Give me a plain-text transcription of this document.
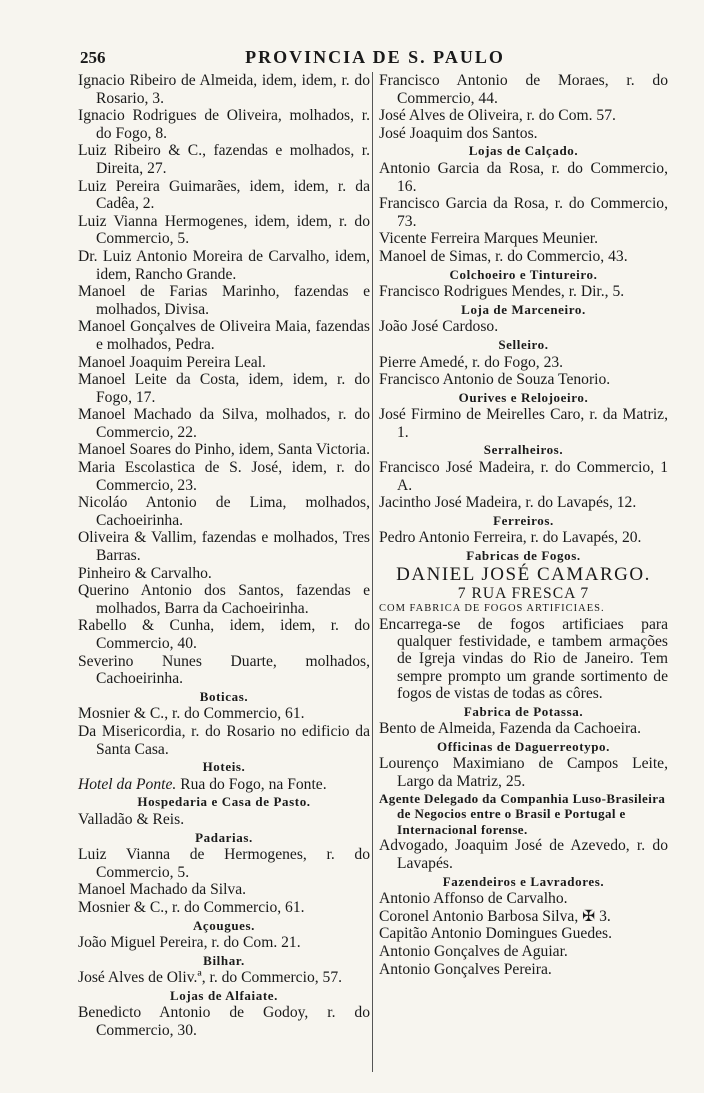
256	PROVINCIA DE S. PAULO

Ignacio Ribeiro de Almeida, idem, idem, r. do Rosario, 3.

Ignacio Rodrigues de Oliveira, molhados, r. do Fogo, 8.

Luiz Ribeiro & C., fazendas e molhados, r. Direita, 27.

Luiz Pereira Guimarães, idem, idem, r. da Cadêa, 2.

Luiz Vianna Hermogenes, idem, idem, r. do Commercio, 5.

Dr. Luiz Antonio Moreira de Carvalho, idem, idem, Rancho Grande.

Manoel de Farias Marinho, fazendas e molhados, Divisa.

Manoel Gonçalves de Oliveira Maia, fazendas e molhados, Pedra.

Manoel Joaquim Pereira Leal.

Manoel Leite da Costa, idem, idem, r. do Fogo, 17.

Manoel Machado da Silva, molhados, r. do Commercio, 22.

Manoel Soares do Pinho, idem, Santa Victoria.

Maria Escolastica de S. José, idem, r. do Commercio, 23.

Nicoláo Antonio de Lima, molhados, Cachoeirinha.

Oliveira & Vallim, fazendas e molhados, Tres Barras.

Pinheiro & Carvalho.

Querino Antonio dos Santos, fazendas e molhados, Barra da Cachoeirinha.

Rabello & Cunha, idem, idem, r. do Commercio, 40.

Severino Nunes Duarte, molhados, Cachoeirinha.

Boticas.

Mosnier & C., r. do Commercio, 61.

Da Misericordia, r. do Rosario no edificio da Santa Casa.

Hoteis.

Hotel da Ponte. Rua do Fogo, na Fonte.

Hospedaria e Casa de Pasto.

Valladão & Reis.

Padarias.

Luiz Vianna de Hermogenes, r. do Commercio, 5.

Manoel Machado da Silva.

Mosnier & C., r. do Commercio, 61.

Açougues.

João Miguel Pereira, r. do Com. 21.

Bilhar.

José Alves de Oliv.ª, r. do Commercio, 57.

Lojas de Alfaiate.

Benedicto Antonio de Godoy, r. do Commercio, 30.

Francisco Antonio de Moraes, r. do Commercio, 44.

José Alves de Oliveira, r. do Com. 57.

José Joaquim dos Santos.

Lojas de Calçado.

Antonio Garcia da Rosa, r. do Commercio, 16.

Francisco Garcia da Rosa, r. do Commercio, 73.

Vicente Ferreira Marques Meunier.

Manoel de Simas, r. do Commercio, 43.

Colchoeiro e Tintureiro.

Francisco Rodrigues Mendes, r. Dir., 5.

Loja de Marceneiro.

João José Cardoso.

Selleiro.

Pierre Amedé, r. do Fogo, 23.

Francisco Antonio de Souza Tenorio.

Ourives e Relojoeiro.

José Firmino de Meirelles Caro, r. da Matriz, 1.

Serralheiros.

Francisco José Madeira, r. do Commercio, 1 A.

Jacintho José Madeira, r. do Lavapés, 12.

Ferreiros.

Pedro Antonio Ferreira, r. do Lavapés, 20.

Fabricas de Fogos.

DANIEL JOSÉ CAMARGO.

7 RUA FRESCA 7

COM FABRICA DE FOGOS ARTIFICIAES.

Encarrega-se de fogos artificiaes para qualquer festividade, e tambem armações de Igreja vindas do Rio de Janeiro. Tem sempre prompto um grande sortimento de fogos de vistas de todas as côres.

Fabrica de Potassa.

Bento de Almeida, Fazenda da Cachoeira.

Officinas de Daguerreotypo.

Lourenço Maximiano de Campos Leite, Largo da Matriz, 25.

Agente Delegado da Companhia Luso-Brasileira de Negocios entre o Brasil e Portugal e Internacional forense.

Advogado, Joaquim José de Azevedo, r. do Lavapés.

Fazendeiros e Lavradores.

Antonio Affonso de Carvalho.

Coronel Antonio Barbosa Silva, ✠ 3.

Capitão Antonio Domingues Guedes.

Antonio Gonçalves de Aguiar.

Antonio Gonçalves Pereira.
